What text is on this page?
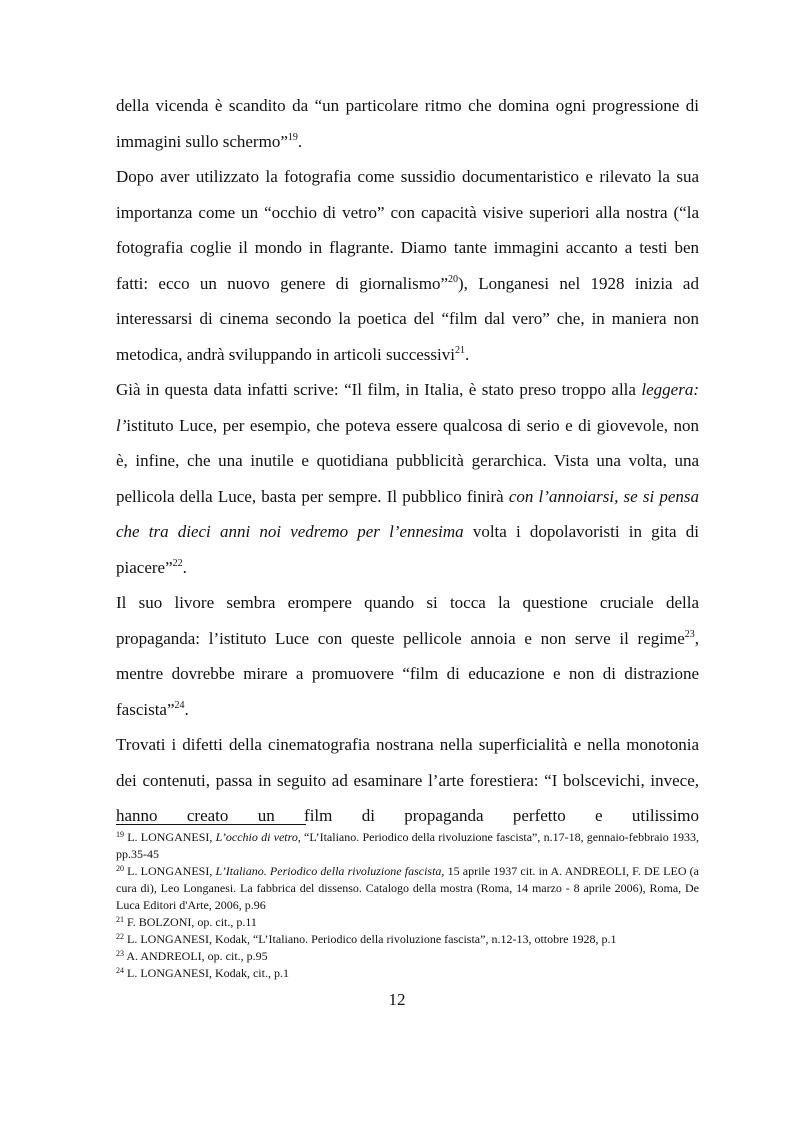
della vicenda è scandito da “un particolare ritmo che domina ogni progressione di immagini sullo schermo”$^{19}$.

Dopo aver utilizzato la fotografia come sussidio documentaristico e rilevato la sua importanza come un “occhio di vetro” con capacità visive superiori alla nostra (“la fotografia coglie il mondo in flagrante. Diamo tante immagini accanto a testi ben fatti: ecco un nuovo genere di giornalismo”$^{20}$), Longanesi nel 1928 inizia ad interessarsi di cinema secondo la poetica del “film dal vero” che, in maniera non metodica, andrà sviluppando in articoli successivi$^{21}$.

Già in questa data infatti scrive: “Il film, in Italia, è stato preso troppo alla leggera: l’istituto Luce, per esempio, che poteva essere qualcosa di serio e di giovevole, non è, infine, che una inutile e quotidiana pubblicità gerarchica. Vista una volta, una pellicola della Luce, basta per sempre. Il pubblico finirà con l’annoiarsi, se si pensa che tra dieci anni noi vedremo per l’ennesima volta i dopolavoristi in gita di piacere”$^{22}$.

Il suo livore sembra erompere quando si tocca la questione cruciale della propaganda: l’istituto Luce con queste pellicole annoia e non serve il regime$^{23}$, mentre dovrebbe mirare a promuovere “film di educazione e non di distrazione fascista”$^{24}$.

Trovati i difetti della cinematografia nostrana nella superficialità e nella monotonia dei contenuti, passa in seguito ad esaminare l’arte forestiera: “I bolscevichi, invece, hanno creato un film di propaganda perfetto e utilissimo

$^{19}$ L. LONGANESI, L’occhio di vetro, “L’Italiano. Periodico della rivoluzione fascista”, n.17-18, gennaio-febbraio 1933, pp.35-45
$^{20}$ L. LONGANESI, L’Italiano. Periodico della rivoluzione fascista, 15 aprile 1937 cit. in A. ANDREOLI, F. DE LEO (a cura di), Leo Longanesi. La fabbrica del dissenso. Catalogo della mostra (Roma, 14 marzo - 8 aprile 2006), Roma, De Luca Editori d'Arte, 2006, p.96
$^{21}$ F. BOLZONI, op. cit., p.11
$^{22}$ L. LONGANESI, Kodak, “L’Italiano. Periodico della rivoluzione fascista”, n.12-13, ottobre 1928, p.1
$^{23}$ A. ANDREOLI, op. cit., p.95
$^{24}$ L. LONGANESI, Kodak, cit., p.1
12
